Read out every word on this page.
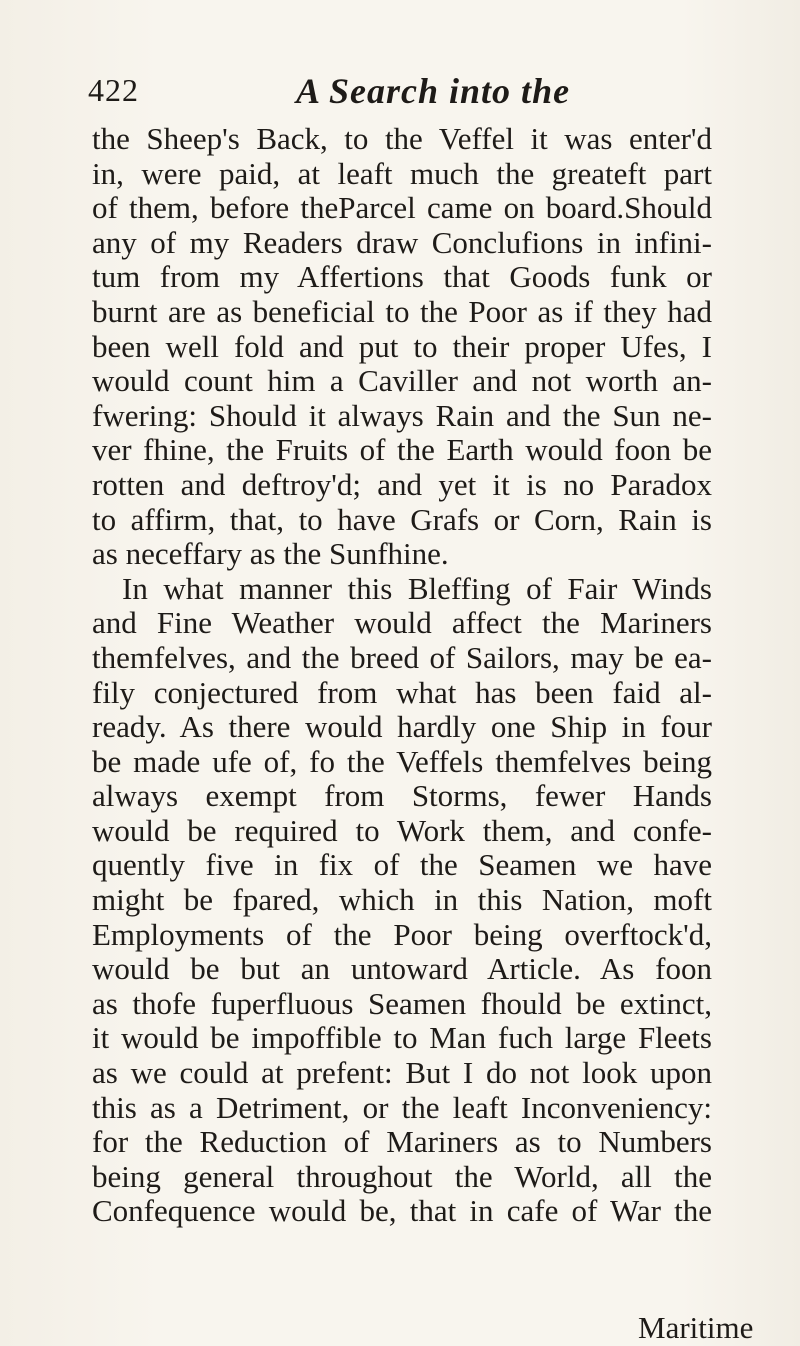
422	A Search into the
the Sheep's Back, to the Veffel it was enter'd
in, were paid, at leaft much the greateft part
of them, before theParcel came on board.Should
any of my Readers draw Conclufions in infini-
tum from my Affertions that Goods funk or
burnt are as beneficial to the Poor as if they had
been well fold and put to their proper Ufes, I
would count him a Caviller and not worth an-
fwering: Should it always Rain and the Sun ne-
ver fhine, the Fruits of the Earth would foon be
rotten and deftroy'd; and yet it is no Paradox
to affirm, that, to have Grafs or Corn, Rain is
as neceffary as the Sunfhine.
In what manner this Bleffing of Fair Winds
and Fine Weather would affect the Mariners
themfelves, and the breed of Sailors, may be ea-
fily conjectured from what has been faid al-
ready. As there would hardly one Ship in four
be made ufe of, fo the Veffels themfelves being
always exempt from Storms, fewer Hands
would be required to Work them, and confe-
quently five in fix of the Seamen we have
might be fpared, which in this Nation, moft
Employments of the Poor being overftock'd,
would be but an untoward Article. As foon
as thofe fuperfluous Seamen fhould be extinct,
it would be impoffible to Man fuch large Fleets
as we could at prefent: But I do not look upon
this as a Detriment, or the leaft Inconveniency:
for the Reduction of Mariners as to Numbers
being general throughout the World, all the
Confequence would be, that in cafe of War the
Maritime
